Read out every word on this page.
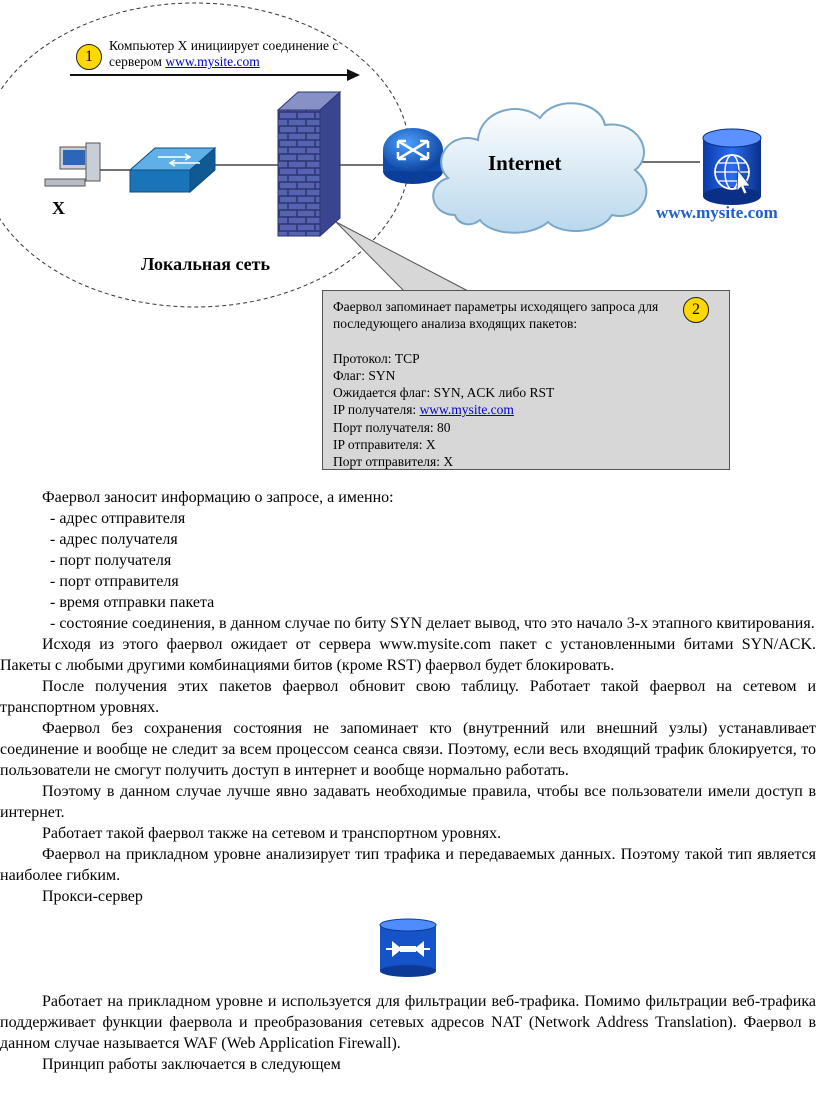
1
Компьютер X инициирует соединение с
сервером www.mysite.com
X
Локальная сеть
Internet
www.mysite.com
Фаервол запоминает параметры исходящего запроса для
последующего анализа входящих пакетов:
Протокол: TCP
Флаг: SYN
Ожидается флаг: SYN, ACK либо RST
IP получателя: www.mysite.com
Порт получателя: 80
IP отправителя: X
Порт отправителя: X
2

Фаервол заносит информацию о запросе, а именно:

- адрес отправителя

- адрес получателя

- порт получателя

- порт отправителя

- время отправки пакета

- состояние соединения, в данном случае по биту SYN делает вывод, что это начало 3-х этапного квитирования.

Исходя из этого фаервол ожидает от сервера www.mysite.com пакет с установленными битами SYN/ACK. Пакеты с любыми другими комбинациями битов (кроме RST) фаервол будет блокировать.

После получения этих пакетов фаервол обновит свою таблицу. Работает такой фаервол на сетевом и транспортном уровнях.

Фаервол без сохранения состояния не запоминает кто (внутренний или внешний узлы) устанавливает соединение и вообще не следит за всем процессом сеанса связи. Поэтому, если весь входящий трафик блокируется, то пользователи не смогут получить доступ в интернет и вообще нормально работать.

Поэтому в данном случае лучше явно задавать необходимые правила, чтобы все пользователи имели доступ в интернет.

Работает такой фаервол также на сетевом и транспортном уровнях.

Фаервол на прикладном уровне анализирует тип трафика и передаваемых данных. Поэтому такой тип является наиболее гибким.

Прокси-сервер

Работает на прикладном уровне и используется для фильтрации веб-трафика. Помимо фильтрации веб-трафика поддерживает функции фаервола и преобразования сетевых адресов NAT (Network Address Translation). Фаервол в данном случае называется WAF (Web Application Firewall).

Принцип работы заключается в следующем
